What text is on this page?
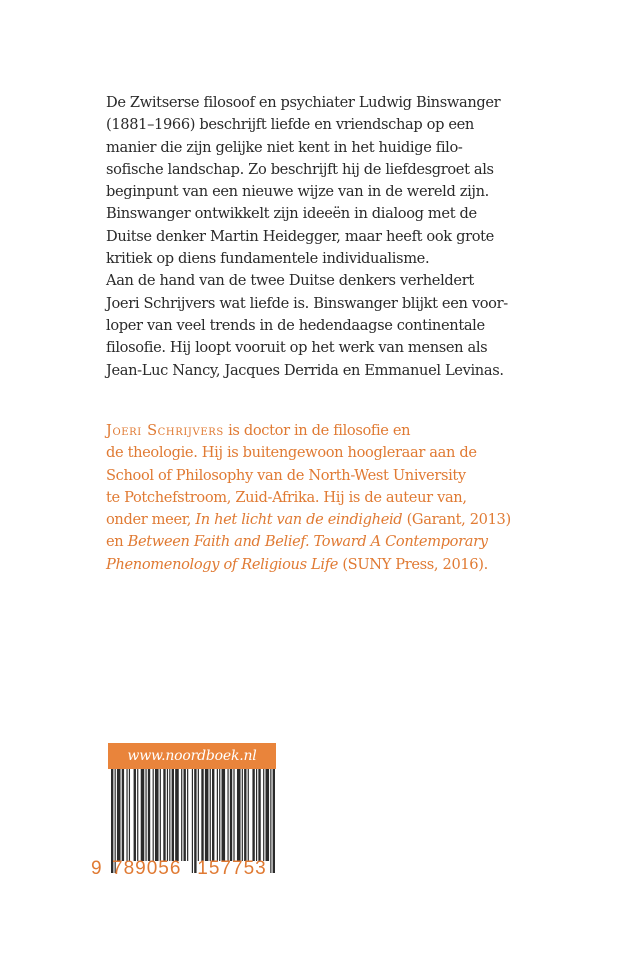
De Zwitserse filosoof en psychiater Ludwig Binswanger
(1881–1966) beschrijft liefde en vriendschap op een
manier die zijn gelijke niet kent in het huidige filo-
sofische landschap. Zo beschrijft hij de liefdesgroet als
beginpunt van een nieuwe wijze van in de wereld zijn.
Binswanger ontwikkelt zijn ideeën in dialoog met de
Duitse denker Martin Heidegger, maar heeft ook grote
kritiek op diens fundamentele individualisme.
Aan de hand van de twee Duitse denkers verheldert
Joeri Schrijvers wat liefde is. Binswanger blijkt een voor-
loper van veel trends in de hedendaagse continentale
filosofie. Hij loopt vooruit op het werk van mensen als
Jean-Luc Nancy, Jacques Derrida en Emmanuel Levinas.
Joeri Schrijvers is doctor in de filosofie en
de theologie. Hij is buitengewoon hoogleraar aan de
School of Philosophy van de North-West University
te Potchefstroom, Zuid-Afrika. Hij is de auteur van,
onder meer, In het licht van de eindigheid (Garant, 2013)
en Between Faith and Belief. Toward A Contemporary
Phenomenology of Religious Life (SUNY Press, 2016).
www.noordboek.nl
9 789056 157753
